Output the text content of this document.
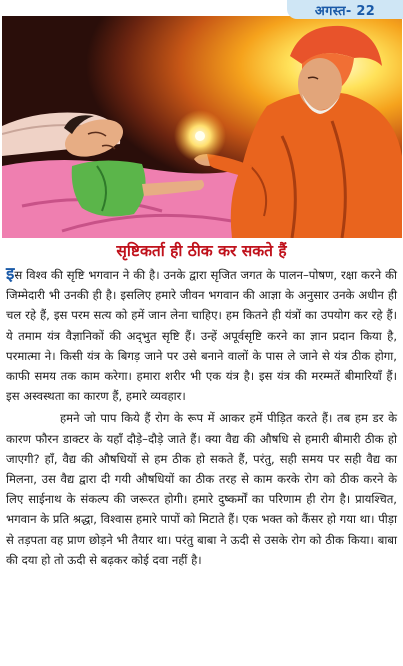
अगस्त- 22
सृष्टिकर्ता ही ठीक कर सकते हैं

इस विश्व की सृष्टि भगवान ने की है। उनके द्वारा सृजित जगत के पालन–पोषण, रक्षा करने की जिम्मेदारी भी उनकी ही है। इसलिए हमारे जीवन भगवान की आज्ञा के अनुसार उनके अधीन ही चल रहे हैं, इस परम सत्य को हमें जान लेना चाहिए। हम कितने ही यंत्रों का उपयोग कर रहे हैं। ये तमाम यंत्र वैज्ञानिकों की अद्‌भुत सृष्टि हैं। उन्हें अपूर्वसृष्टि करने का ज्ञान प्रदान किया है, परमात्मा ने। किसी यंत्र के बिगड़ जाने पर उसे बनाने वालों के पास ले जाने से यंत्र ठीक होगा, काफी समय तक काम करेगा। हमारा शरीर भी एक यंत्र है। इस यंत्र की मरम्मतें बीमारियाँ हैं। इस अस्वस्थता का कारण हैं, हमारे व्यवहार।

हमने जो पाप किये हैं रोग के रूप में आकर हमें पीड़ित करते हैं। तब हम डर के कारण फौरन डाक्टर के यहाँ दौड़े–दौड़े जाते हैं। क्या वैद्य की औषधि से हमारी बीमारी ठीक हो जाएगी? हाँ, वैद्य की औषधियों से हम ठीक हो सकते हैं, परंतु, सही समय पर सही वैद्य का मिलना, उस वैद्य द्वारा दी गयी औषधियों का ठीक तरह से काम करके रोग को ठीक करने के लिए साईनाथ के संकल्प की जरूरत होगी। हमारे दुष्कर्मों का परिणाम ही रोग है। प्रायश्चित, भगवान के प्रति श्रद्धा, विश्वास हमारे पापों को मिटाते हैं। एक भक्त को कैंसर हो गया था। पीड़ा से तड़पता वह प्राण छोड़ने भी तैयार था। परंतु बाबा ने ऊदी से उसके रोग को ठीक किया। बाबा की दया हो तो ऊदी से बढ़कर कोई दवा नहीं है।
